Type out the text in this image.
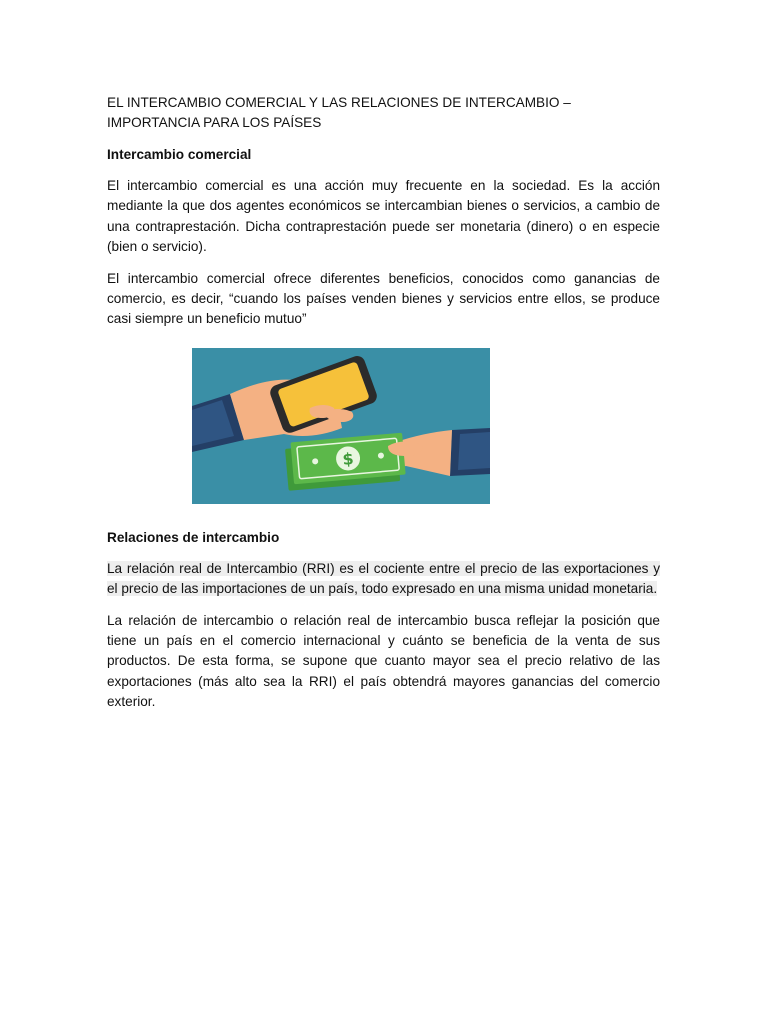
EL INTERCAMBIO COMERCIAL Y LAS RELACIONES DE INTERCAMBIO –IMPORTANCIA PARA LOS PAÍSES

Intercambio comercial

El intercambio comercial es una acción muy frecuente en la sociedad. Es la acción mediante la que dos agentes económicos se intercambian bienes o servicios, a cambio de una contraprestación. Dicha contraprestación puede ser monetaria (dinero) o en especie (bien o servicio).

El intercambio comercial ofrece diferentes beneficios, conocidos como ganancias de comercio, es decir, “cuando los países venden bienes y servicios entre ellos, se produce casi siempre un beneficio mutuo”

$

Relaciones de intercambio

La relación real de Intercambio (RRI) es el cociente entre el precio de las exportaciones y el precio de las importaciones de un país, todo expresado en una misma unidad monetaria.

La relación de intercambio o relación real de intercambio busca reflejar la posición que tiene un país en el comercio internacional y cuánto se beneficia de la venta de sus productos. De esta forma, se supone que cuanto mayor sea el precio relativo de las exportaciones (más alto sea la RRI) el país obtendrá mayores ganancias del comercio exterior.
